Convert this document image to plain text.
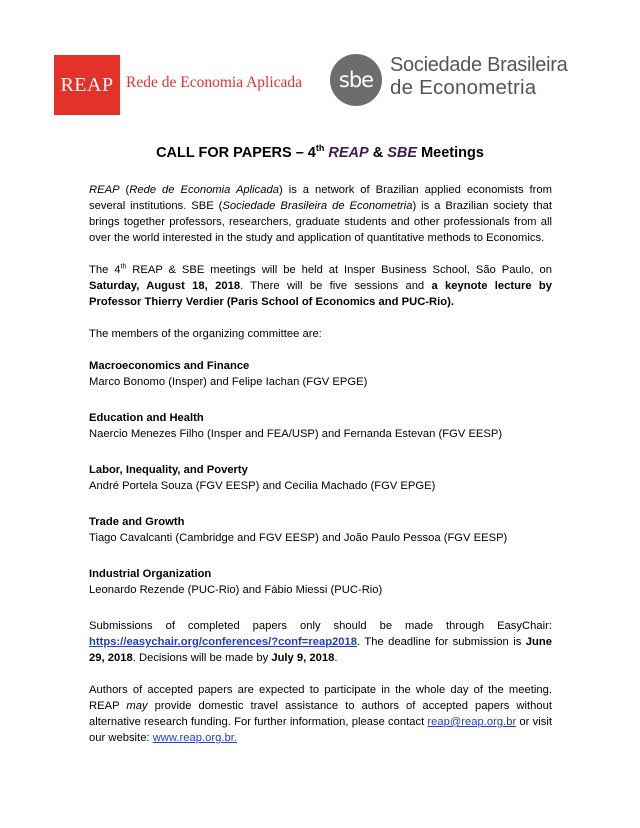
REAP Rede de Economia Aplicada sbe
Sociedade Brasileira
de Econometria
CALL FOR PAPERS – 4th REAP & SBE Meetings

REAP (Rede de Economia Aplicada) is a network of Brazilian applied economists from several institutions. SBE (Sociedade Brasileira de Econometria) is a Brazilian society that brings together professors, researchers, graduate students and other professionals from all over the world interested in the study and application of quantitative methods to Economics.

The 4th REAP & SBE meetings will be held at Insper Business School, São Paulo, on Saturday, August 18, 2018. There will be five sessions and a keynote lecture by Professor Thierry Verdier (Paris School of Economics and PUC-Rio).

The members of the organizing committee are:

Macroeconomics and Finance
Marco Bonomo (Insper) and Felipe Iachan (FGV EPGE)
Education and Health
Naercio Menezes Filho (Insper and FEA/USP) and Fernanda Estevan (FGV EESP)
Labor, Inequality, and Poverty
André Portela Souza (FGV EESP) and Cecilia Machado (FGV EPGE)
Trade and Growth
Tiago Cavalcanti (Cambridge and FGV EESP) and João Paulo Pessoa (FGV EESP)
Industrial Organization
Leonardo Rezende (PUC-Rio) and Fábio Miessi (PUC-Rio)

Submissions of completed papers only should be made through EasyChair: https://easychair.org/conferences/?conf=reap2018. The deadline for submission is June 29, 2018. Decisions will be made by July 9, 2018.

Authors of accepted papers are expected to participate in the whole day of the meeting. REAP may provide domestic travel assistance to authors of accepted papers without alternative research funding. For further information, please contact reap@reap.org.br or visit our website: www.reap.org.br.
